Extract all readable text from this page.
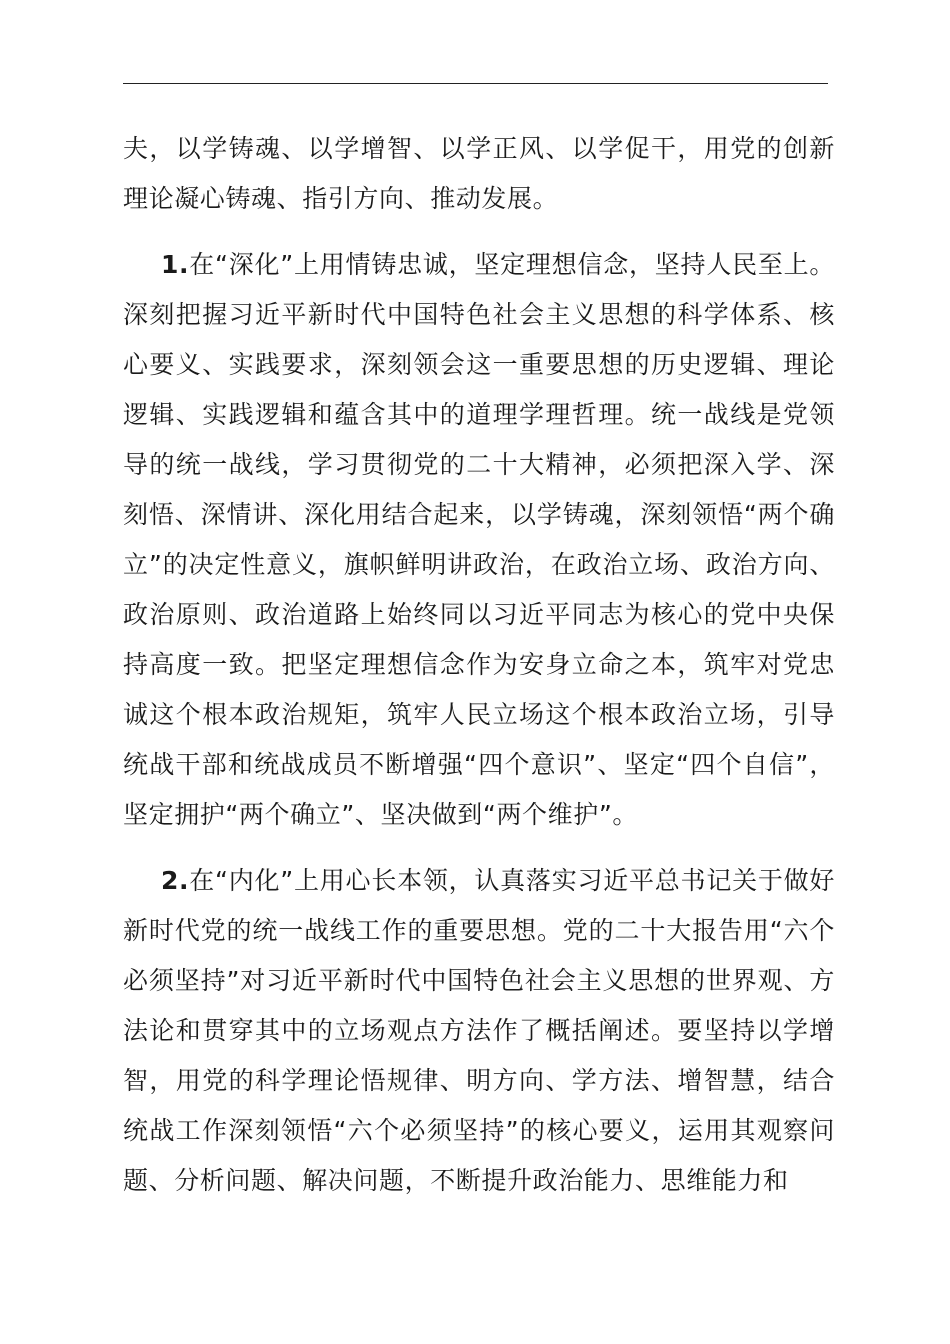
夫，以学铸魂、以学增智、以学正风、以学促干，用党的创新理论凝心铸魂、指引方向、推动发展。

1.在“深化”上用情铸忠诚，坚定理想信念，坚持人民至上。深刻把握习近平新时代中国特色社会主义思想的科学体系、核心要义、实践要求，深刻领会这一重要思想的历史逻辑、理论逻辑、实践逻辑和蕴含其中的道理学理哲理。统一战线是党领导的统一战线，学习贯彻党的二十大精神，必须把深入学、深刻悟、深情讲、深化用结合起来，以学铸魂，深刻领悟“两个确立”的决定性意义，旗帜鲜明讲政治，在政治立场、政治方向、政治原则、政治道路上始终同以习近平同志为核心的党中央保持高度一致。把坚定理想信念作为安身立命之本，筑牢对党忠诚这个根本政治规矩，筑牢人民立场这个根本政治立场，引导统战干部和统战成员不断增强“四个意识”、坚定“四个自信”，坚定拥护“两个确立”、坚决做到“两个维护”。

2.在“内化”上用心长本领，认真落实习近平总书记关于做好新时代党的统一战线工作的重要思想。党的二十大报告用“六个必须坚持”对习近平新时代中国特色社会主义思想的世界观、方法论和贯穿其中的立场观点方法作了概括阐述。要坚持以学增智，用党的科学理论悟规律、明方向、学方法、增智慧，结合统战工作深刻领悟“六个必须坚持”的核心要义，运用其观察问题、分析问题、解决问题，不断提升政治能力、思维能力和
